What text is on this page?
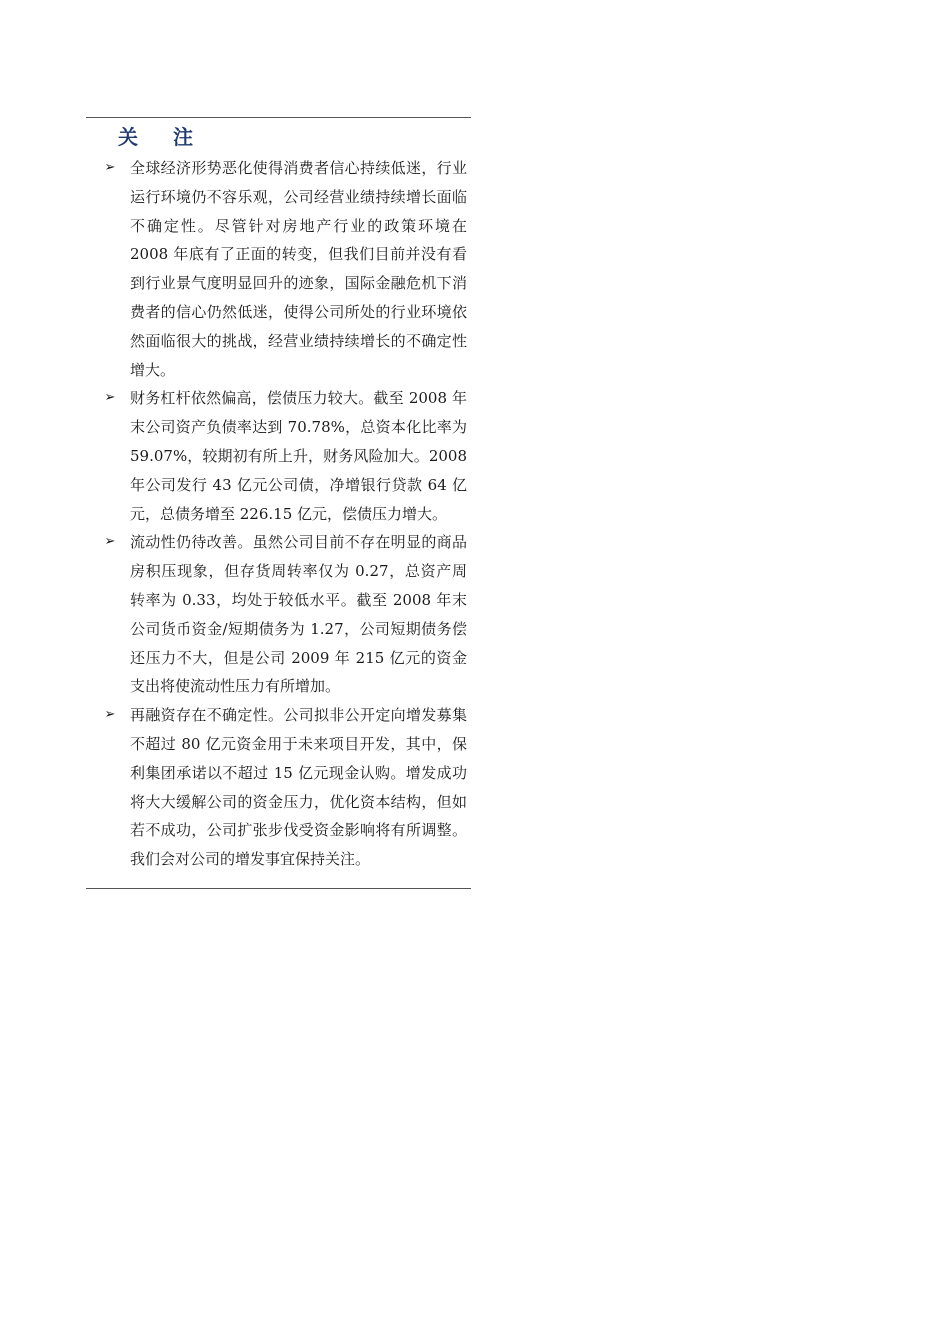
关 注
➢ 全球经济形势恶化使得消费者信心持续低迷，行业运行环境仍不容乐观，公司经营业绩持续增长面临不确定性。尽管针对房地产行业的政策环境在 2008 年底有了正面的转变，但我们目前并没有看到行业景气度明显回升的迹象，国际金融危机下消费者的信心仍然低迷，使得公司所处的行业环境依然面临很大的挑战，经营业绩持续增长的不确定性增大。
➢ 财务杠杆依然偏高，偿债压力较大。截至 2008 年末公司资产负债率达到 70.78%，总资本化比率为 59.07%，较期初有所上升，财务风险加大。2008 年公司发行 43 亿元公司债，净增银行贷款 64 亿元，总债务增至 226.15 亿元，偿债压力增大。
➢ 流动性仍待改善。虽然公司目前不存在明显的商品房积压现象，但存货周转率仅为 0.27，总资产周转率为 0.33，均处于较低水平。截至 2008 年末公司货币资金/短期债务为 1.27，公司短期债务偿还压力不大，但是公司 2009 年 215 亿元的资金支出将使流动性压力有所增加。
➢ 再融资存在不确定性。公司拟非公开定向增发募集不超过 80 亿元资金用于未来项目开发，其中，保利集团承诺以不超过 15 亿元现金认购。增发成功将大大缓解公司的资金压力，优化资本结构，但如若不成功，公司扩张步伐受资金影响将有所调整。我们会对公司的增发事宜保持关注。
